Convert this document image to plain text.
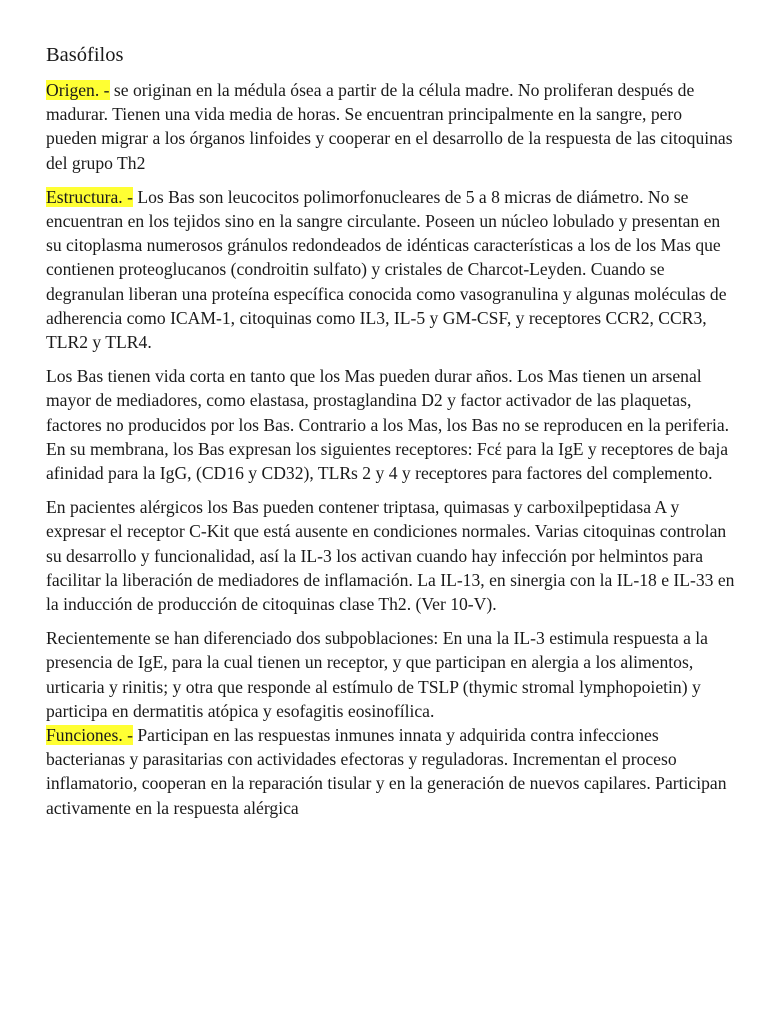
Basófilos

Origen. - se originan en la médula ósea a partir de la célula madre. No proliferan después de madurar. Tienen una vida media de horas. Se encuentran principalmente en la sangre, pero pueden migrar a los órganos linfoides y cooperar en el desarrollo de la respuesta de las citoquinas del grupo Th2

Estructura. - Los Bas son leucocitos polimorfonucleares de 5 a 8 micras de diámetro. No se encuentran en los tejidos sino en la sangre circulante. Poseen un núcleo lobulado y presentan en su citoplasma numerosos gránulos redondeados de idénticas características a los de los Mas que contienen proteoglucanos (condroitin sulfato) y cristales de Charcot-Leyden. Cuando se degranulan liberan una proteína específica conocida como vasogranulina y algunas moléculas de adherencia como ICAM-1, citoquinas como IL3, IL-5 y GM-CSF, y receptores CCR2, CCR3, TLR2 y TLR4.

Los Bas tienen vida corta en tanto que los Mas pueden durar años. Los Mas tienen un arsenal mayor de mediadores, como elastasa, prostaglandina D2 y factor activador de las plaquetas, factores no producidos por los Bas. Contrario a los Mas, los Bas no se reproducen en la periferia. En su membrana, los Bas expresan los siguientes receptores: Fcέ para la IgE y receptores de baja afinidad para la IgG, (CD16 y CD32), TLRs 2 y 4 y receptores para factores del complemento.

En pacientes alérgicos los Bas pueden contener triptasa, quimasas y carboxilpeptidasa A y expresar el receptor C-Kit que está ausente en condiciones normales. Varias citoquinas controlan su desarrollo y funcionalidad, así la IL-3 los activan cuando hay infección por helmintos para facilitar la liberación de mediadores de inflamación. La IL-13, en sinergia con la IL-18 e IL-33 en la inducción de producción de citoquinas clase Th2. (Ver 10-V).

Recientemente se han diferenciado dos subpoblaciones: En una la IL-3 estimula respuesta a la presencia de IgE, para la cual tienen un receptor, y que participan en alergia a los alimentos, urticaria y rinitis; y otra que responde al estímulo de TSLP (thymic stromal lymphopoietin) y participa en dermatitis atópica y esofagitis eosinofílica.

Funciones. - Participan en las respuestas inmunes innata y adquirida contra infecciones bacterianas y parasitarias con actividades efectoras y reguladoras. Incrementan el proceso inflamatorio, cooperan en la reparación tisular y en la generación de nuevos capilares. Participan activamente en la respuesta alérgica
